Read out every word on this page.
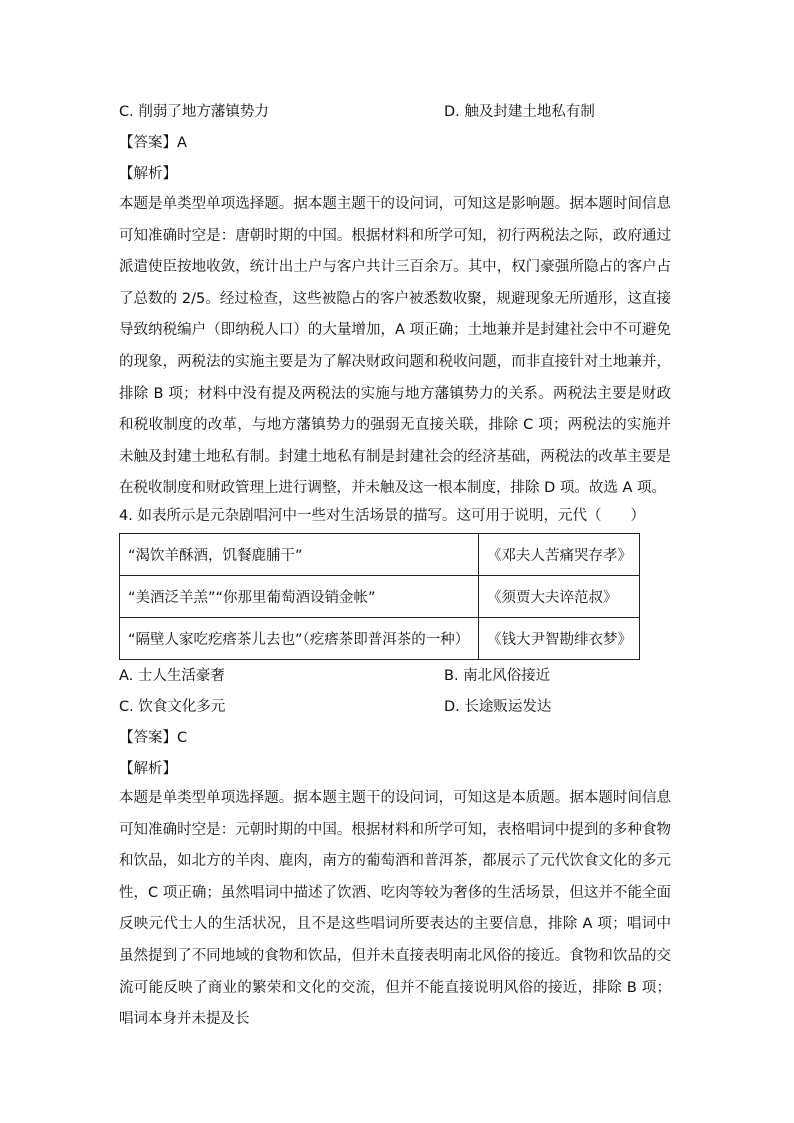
C. 削弱了地方藩镇势力	D. 触及封建土地私有制
【答案】A
【解析】
本题是单类型单项选择题。据本题主题干的设问词，可知这是影响题。据本题时间信息可知准确时空是：唐朝时期的中国。根据材料和所学可知，初行两税法之际，政府通过派遣使臣按地收敛，统计出土户与客户共计三百余万。其中，权门豪强所隐占的客户占了总数的 2/5。经过检查，这些被隐占的客户被悉数收聚，规避现象无所遁形，这直接导致纳税编户（即纳税人口）的大量增加，A 项正确；土地兼并是封建社会中不可避免的现象，两税法的实施主要是为了解决财政问题和税收问题，而非直接针对土地兼并，排除 B 项；材料中没有提及两税法的实施与地方藩镇势力的关系。两税法主要是财政和税收制度的改革，与地方藩镇势力的强弱无直接关联，排除 C 项；两税法的实施并未触及封建土地私有制。封建土地私有制是封建社会的经济基础，两税法的改革主要是在税收制度和财政管理上进行调整，并未触及这一根本制度，排除 D 项。故选 A 项。
4. 如表所示是元杂剧唱河中一些对生活场景的描写。这可用于说明，元代（　　）
“渴饮羊酥酒，饥餐鹿脯干”	《邓夫人苦痛哭存孝》
“美酒泛羊羔”“你那里葡萄酒设销金帐”	《须贾大夫谇范叔》
“隔壁人家吃疙瘩茶儿去也”（疙瘩茶即普洱茶的一种）	《钱大尹智勘绯衣梦》
A. 士人生活豪奢	B. 南北风俗接近
C. 饮食文化多元	D. 长途贩运发达
【答案】C
【解析】
本题是单类型单项选择题。据本题主题干的设问词，可知这是本质题。据本题时间信息可知准确时空是：元朝时期的中国。根据材料和所学可知，表格唱词中提到的多种食物和饮品，如北方的羊肉、鹿肉，南方的葡萄酒和普洱茶，都展示了元代饮食文化的多元性，C 项正确；虽然唱词中描述了饮酒、吃肉等较为奢侈的生活场景，但这并不能全面反映元代士人的生活状况，且不是这些唱词所要表达的主要信息，排除 A 项；唱词中虽然提到了不同地域的食物和饮品，但并未直接表明南北风俗的接近。食物和饮品的交流可能反映了商业的繁荣和文化的交流，但并不能直接说明风俗的接近，排除 B 项；唱词本身并未提及长
